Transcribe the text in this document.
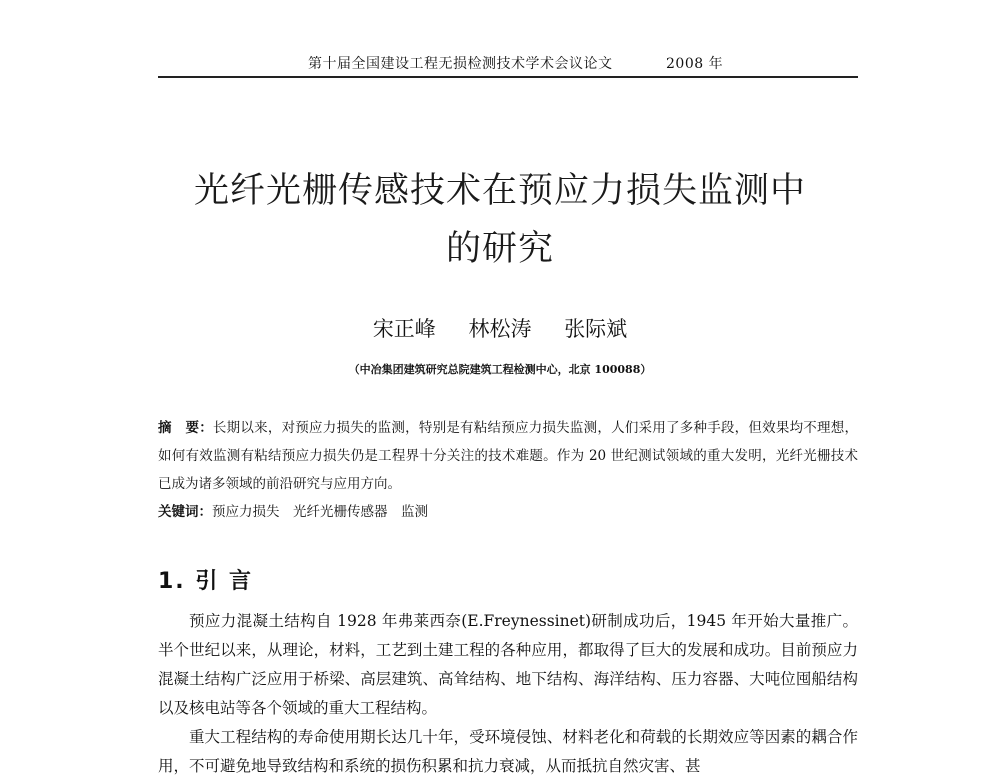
第十届全国建设工程无损检测技术学术会议论文	2008 年
光纤光栅传感技术在预应力损失监测中
的研究
宋正峰 林松涛 张际斌
（中冶集团建筑研究总院建筑工程检测中心，北京 100088）
摘　要：长期以来，对预应力损失的监测，特别是有粘结预应力损失监测，人们采用了多种手段，但效果均不理想，如何有效监测有粘结预应力损失仍是工程界十分关注的技术难题。作为 20 世纪测试领域的重大发明，光纤光栅技术已成为诸多领域的前沿研究与应用方向。
关键词：预应力损失　光纤光栅传感器　监测
1. 引 言

预应力混凝土结构自 1928 年弗莱西奈(E.Freynessinet)研制成功后，1945 年开始大量推广。半个世纪以来，从理论，材料，工艺到土建工程的各种应用，都取得了巨大的发展和成功。目前预应力混凝土结构广泛应用于桥梁、高层建筑、高耸结构、地下结构、海洋结构、压力容器、大吨位囤船结构以及核电站等各个领域的重大工程结构。

重大工程结构的寿命使用期长达几十年，受环境侵蚀、材料老化和荷载的长期效应等因素的耦合作用，不可避免地导致结构和系统的损伤积累和抗力衰减，从而抵抗自然灾害、甚
